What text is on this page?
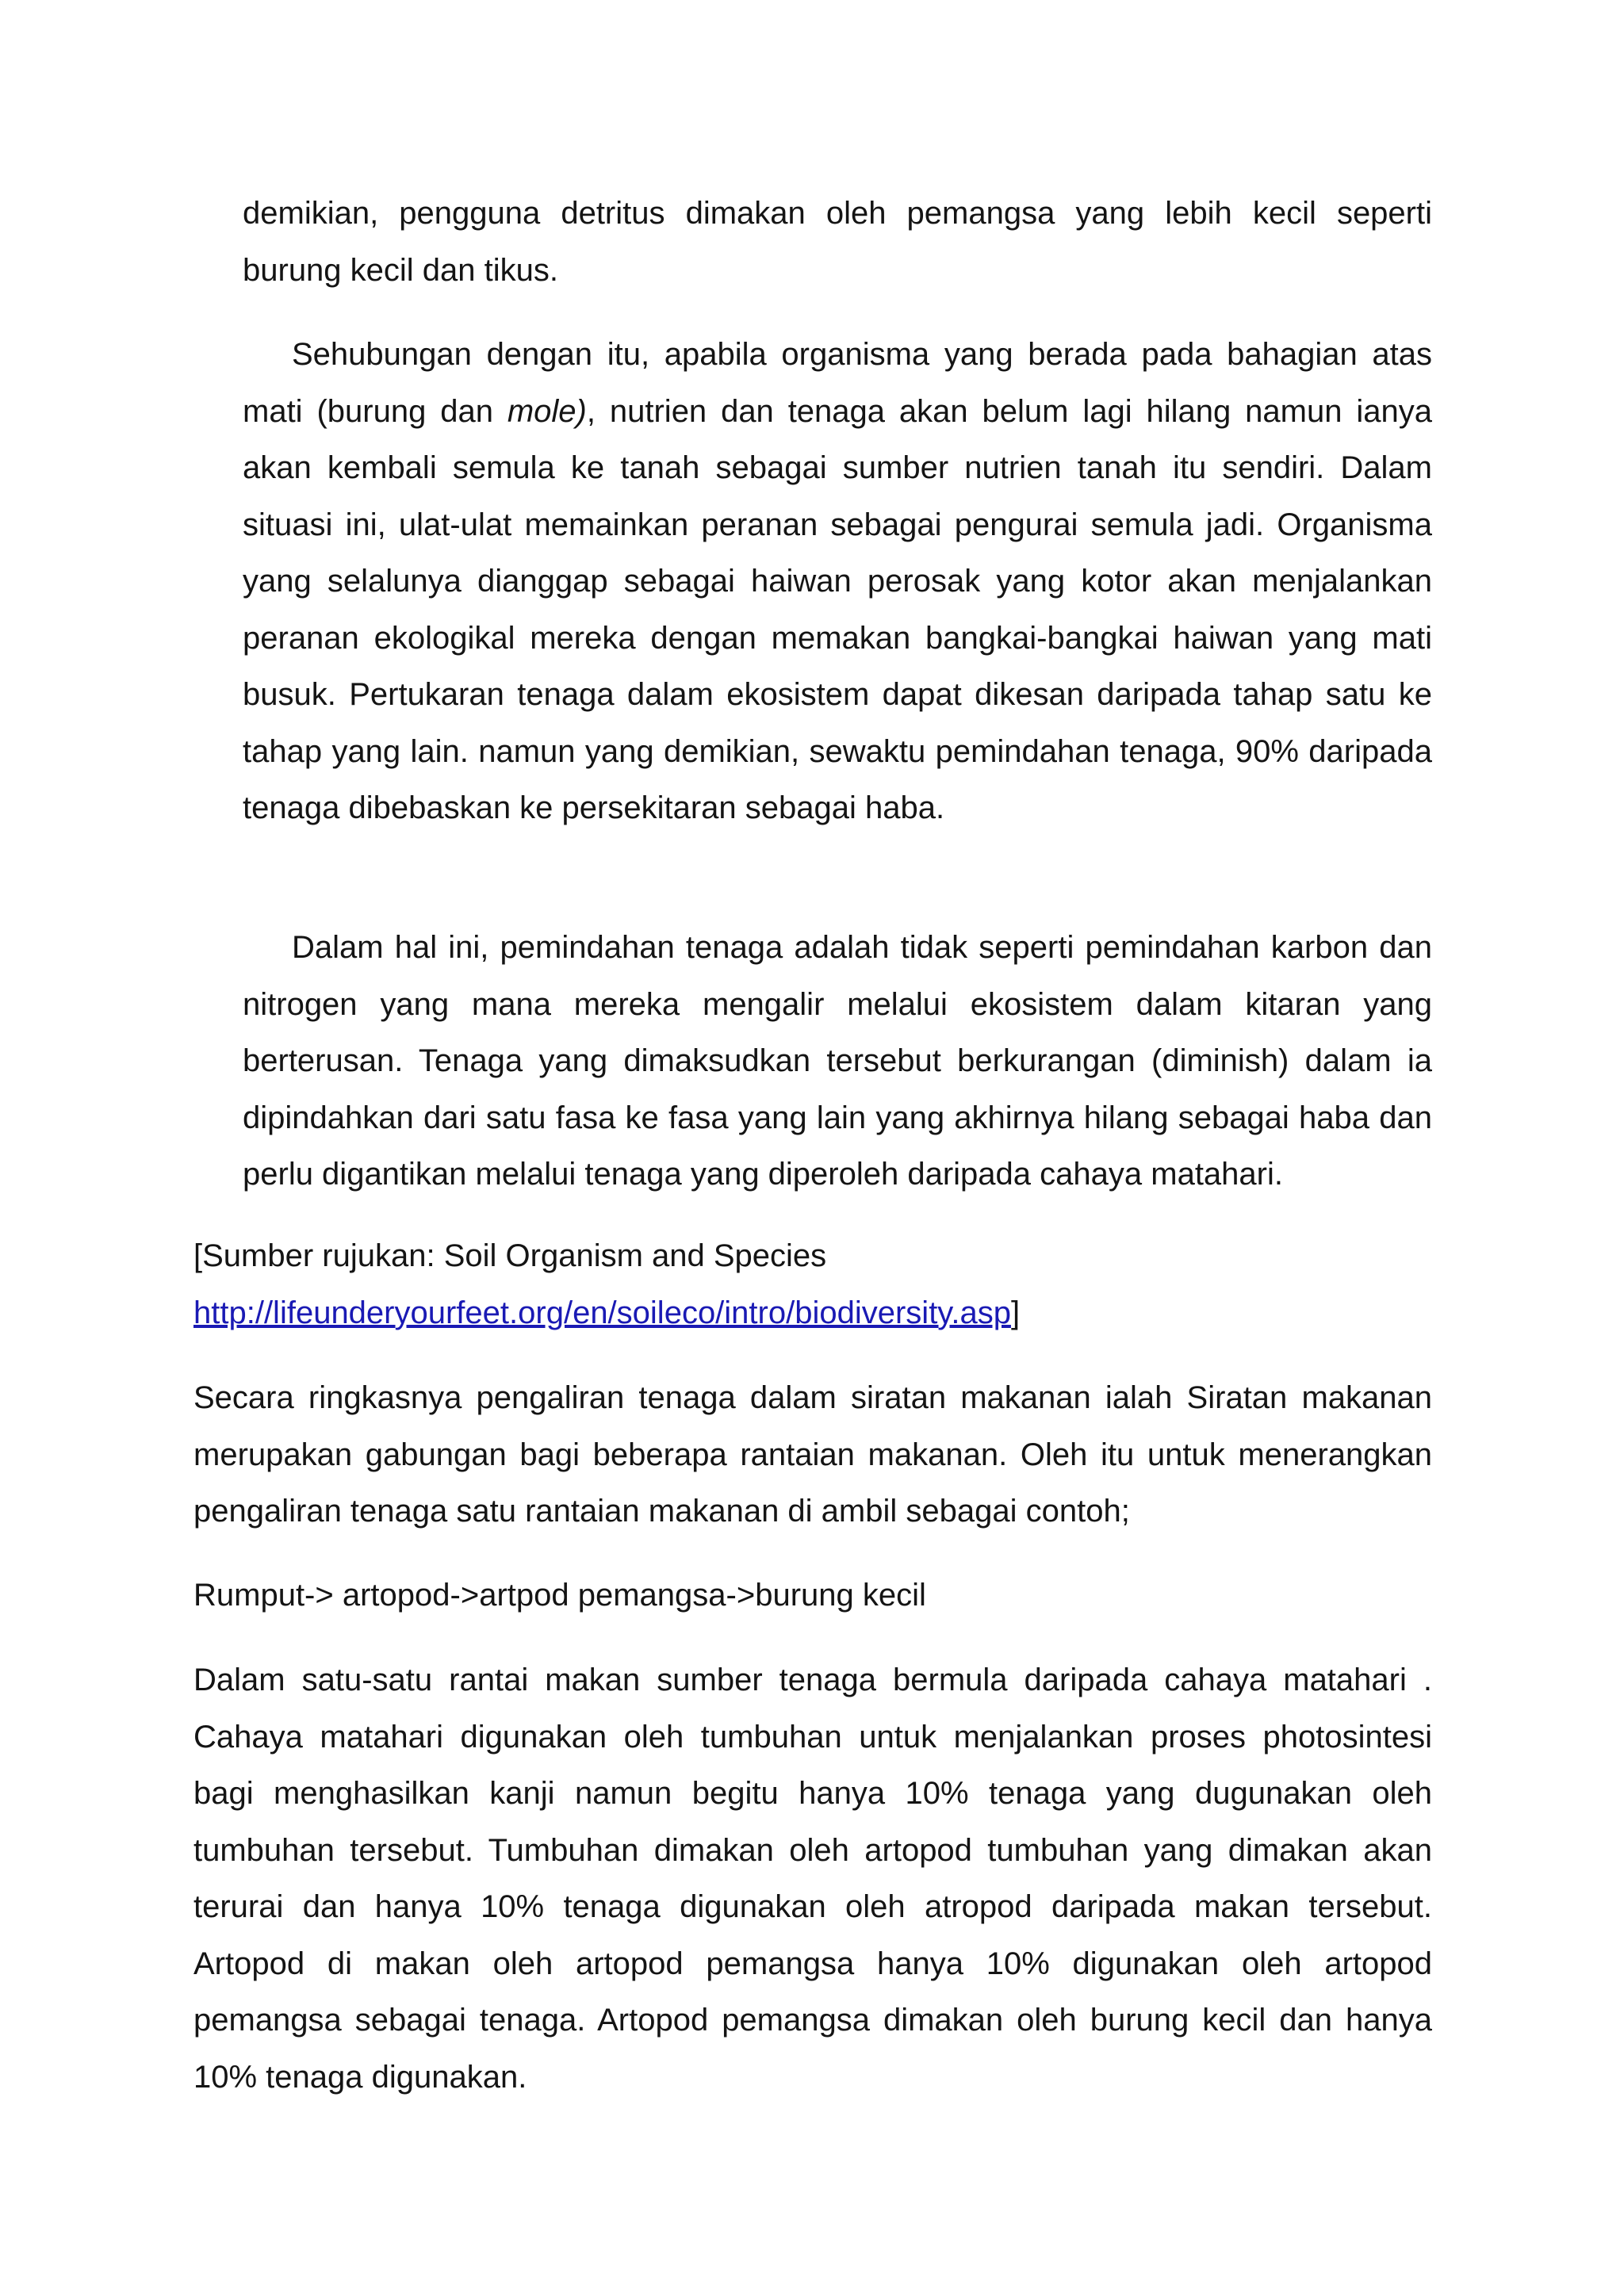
demikian, pengguna detritus dimakan oleh pemangsa yang lebih kecil seperti burung kecil dan tikus.

Sehubungan dengan itu, apabila organisma yang berada pada bahagian atas mati (burung dan mole), nutrien dan tenaga akan belum lagi hilang namun ianya akan kembali semula ke tanah sebagai sumber nutrien tanah itu sendiri. Dalam situasi ini, ulat-ulat memainkan peranan sebagai pengurai semula jadi. Organisma yang selalunya dianggap sebagai haiwan perosak yang kotor akan menjalankan peranan ekologikal mereka dengan memakan bangkai-bangkai haiwan yang mati busuk. Pertukaran tenaga dalam ekosistem dapat dikesan daripada tahap satu ke tahap yang lain. namun yang demikian, sewaktu pemindahan tenaga, 90% daripada tenaga dibebaskan ke persekitaran sebagai haba.

Dalam hal ini, pemindahan tenaga adalah tidak seperti pemindahan karbon dan nitrogen yang mana mereka mengalir melalui ekosistem dalam kitaran yang berterusan. Tenaga yang dimaksudkan tersebut berkurangan (diminish) dalam ia dipindahkan dari satu fasa ke fasa yang lain yang akhirnya hilang sebagai haba dan perlu digantikan melalui tenaga yang diperoleh daripada cahaya matahari.

[Sumber rujukan: Soil Organism and Species
http://lifeunderyourfeet.org/en/soileco/intro/biodiversity.asp]

Secara ringkasnya pengaliran tenaga dalam siratan makanan ialah Siratan makanan merupakan gabungan bagi beberapa rantaian makanan. Oleh itu untuk menerangkan pengaliran tenaga satu rantaian makanan di ambil sebagai contoh;

Rumput-> artopod->artpod pemangsa->burung kecil

Dalam satu-satu rantai makan sumber tenaga bermula daripada cahaya matahari . Cahaya matahari digunakan oleh tumbuhan untuk menjalankan proses photosintesi bagi menghasilkan kanji namun begitu hanya 10% tenaga yang dugunakan oleh tumbuhan tersebut. Tumbuhan dimakan oleh artopod tumbuhan yang dimakan akan terurai dan hanya 10% tenaga digunakan oleh atropod daripada makan tersebut. Artopod di makan oleh artopod pemangsa hanya 10% digunakan oleh artopod pemangsa sebagai tenaga. Artopod pemangsa dimakan oleh burung kecil dan hanya 10% tenaga digunakan.
